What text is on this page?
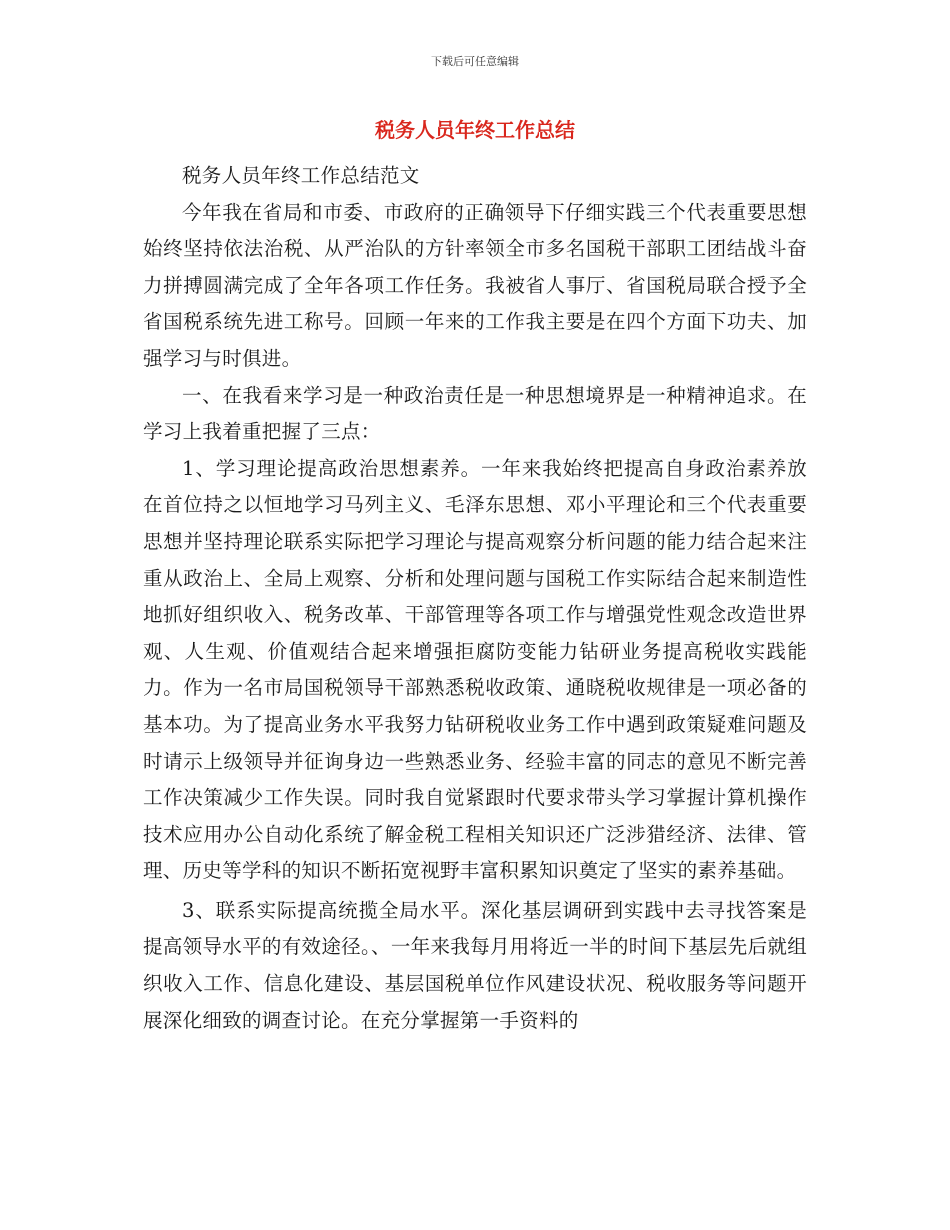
下载后可任意编辑
税务人员年终工作总结

税务人员年终工作总结范文

今年我在省局和市委、市政府的正确领导下仔细实践三个代表重要思想始终坚持依法治税、从严治队的方针率领全市多名国税干部职工团结战斗奋力拼搏圆满完成了全年各项工作任务。我被省人事厅、省国税局联合授予全省国税系统先进工称号。回顾一年来的工作我主要是在四个方面下功夫、加强学习与时俱进。

一、在我看来学习是一种政治责任是一种思想境界是一种精神追求。在学习上我着重把握了三点：

1、学习理论提高政治思想素养。一年来我始终把提高自身政治素养放在首位持之以恒地学习马列主义、毛泽东思想、邓小平理论和三个代表重要思想并坚持理论联系实际把学习理论与提高观察分析问题的能力结合起来注重从政治上、全局上观察、分析和处理问题与国税工作实际结合起来制造性地抓好组织收入、税务改革、干部管理等各项工作与增强党性观念改造世界观、人生观、价值观结合起来增强拒腐防变能力钻研业务提高税收实践能力。作为一名市局国税领导干部熟悉税收政策、通晓税收规律是一项必备的基本功。为了提高业务水平我努力钻研税收业务工作中遇到政策疑难问题及时请示上级领导并征询身边一些熟悉业务、经验丰富的同志的意见不断完善工作决策减少工作失误。同时我自觉紧跟时代要求带头学习掌握计算机操作技术应用办公自动化系统了解金税工程相关知识还广泛涉猎经济、法律、管理、历史等学科的知识不断拓宽视野丰富积累知识奠定了坚实的素养基础。

3、联系实际提高统揽全局水平。深化基层调研到实践中去寻找答案是提高领导水平的有效途径。、一年来我每月用将近一半的时间下基层先后就组织收入工作、信息化建设、基层国税单位作风建设状况、税收服务等问题开展深化细致的调查讨论。在充分掌握第一手资料的
